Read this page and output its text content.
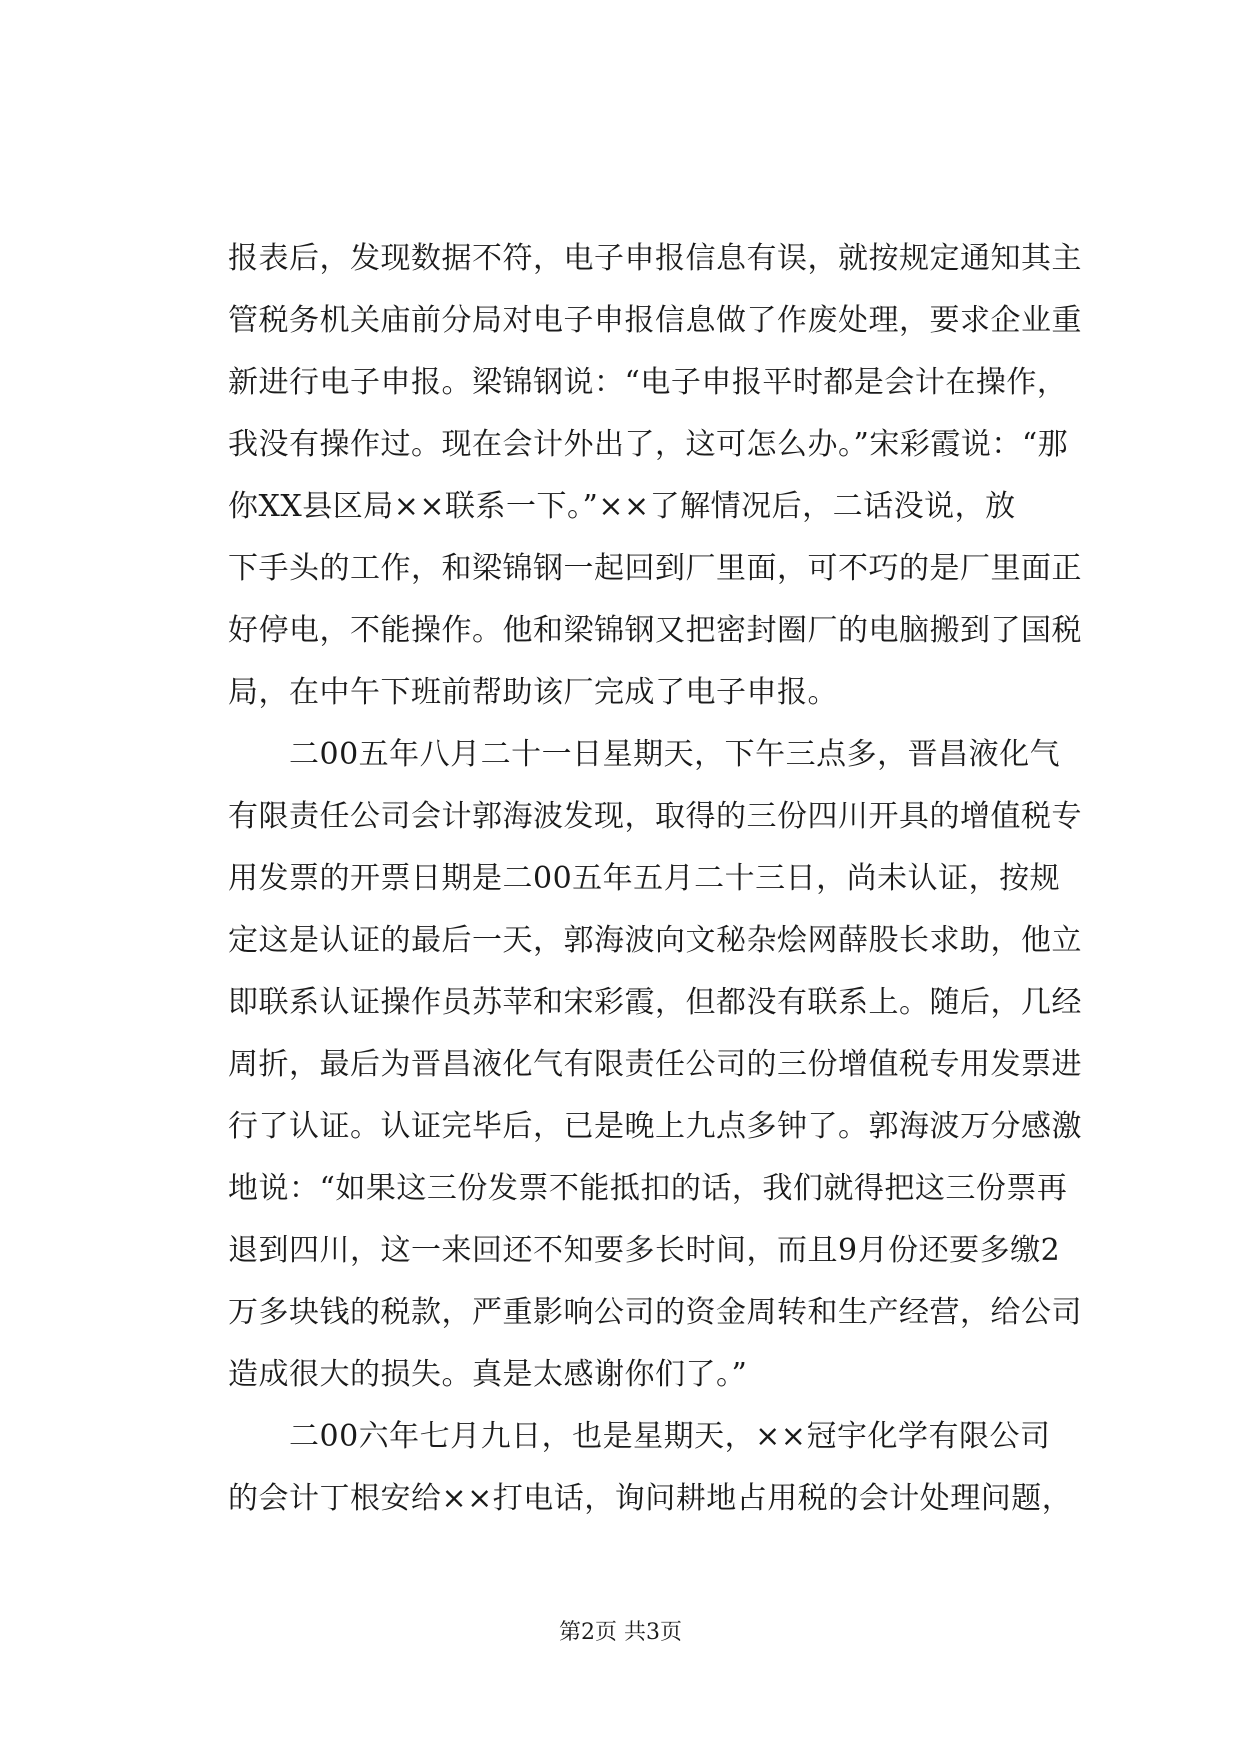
报表后，发现数据不符，电子申报信息有误，就按规定通知其主
管税务机关庙前分局对电子申报信息做了作废处理，要求企业重
新进行电子申报。梁锦钢说：“电子申报平时都是会计在操作，
我没有操作过。现在会计外出了，这可怎么办。”宋彩霞说：“那
你XX县区局××联系一下。”××了解情况后，二话没说，放
下手头的工作，和梁锦钢一起回到厂里面，可不巧的是厂里面正
好停电，不能操作。他和梁锦钢又把密封圈厂的电脑搬到了国税
局，在中午下班前帮助该厂完成了电子申报。
　　二00五年八月二十一日星期天，下午三点多，晋昌液化气
有限责任公司会计郭海波发现，取得的三份四川开具的增值税专
用发票的开票日期是二00五年五月二十三日，尚未认证，按规
定这是认证的最后一天，郭海波向文秘杂烩网薛股长求助，他立
即联系认证操作员苏苹和宋彩霞，但都没有联系上。随后，几经
周折，最后为晋昌液化气有限责任公司的三份增值税专用发票进
行了认证。认证完毕后，已是晚上九点多钟了。郭海波万分感激
地说：“如果这三份发票不能抵扣的话，我们就得把这三份票再
退到四川，这一来回还不知要多长时间，而且9月份还要多缴2
万多块钱的税款，严重影响公司的资金周转和生产经营，给公司
造成很大的损失。真是太感谢你们了。”
　　二00六年七月九日，也是星期天，××冠宇化学有限公司
的会计丁根安给××打电话，询问耕地占用税的会计处理问题，
第2页 共3页
